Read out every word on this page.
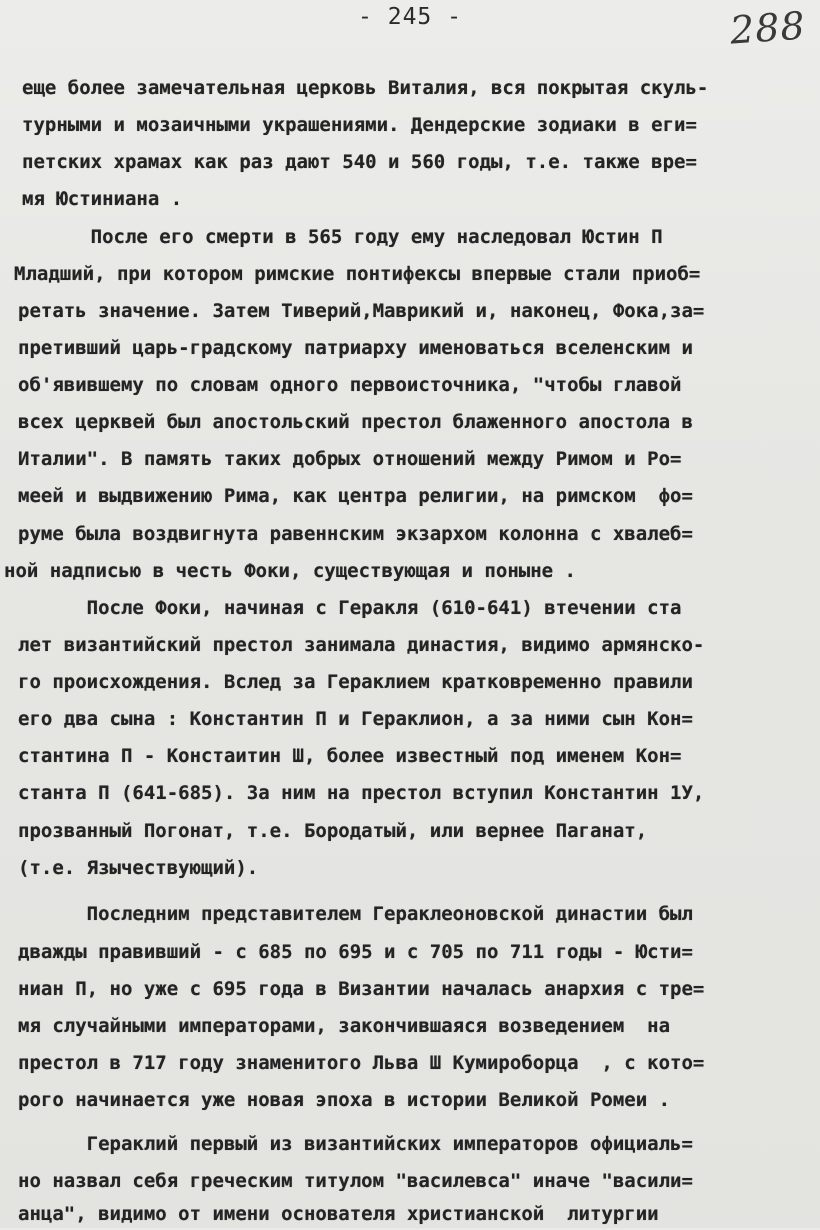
- 245 -	288
еще более замечательная церковь Виталия, вся покрытая скуль-
турными и мозаичными украшениями. Дендерские зодиаки в еги=
петских храмах как раз дают 540 и 560 годы, т.е. также вре=
мя Юстиниана .
После его смерти в 565 году ему наследовал Юстин П
Младший, при котором римские понтифексы впервые стали приоб=
ретать значение. Затем Тиверий,Маврикий и, наконец, Фока,за=
претивший царь-градскому патриарху именоваться вселенским и
об'явившему по словам одного первоисточника, "чтобы главой
всех церквей был апостольский престол блаженного апостола в
Италии". В память таких добрых отношений между Римом и Ро=
меей и выдвижению Рима, как центра религии, на римском  фо=
руме была воздвигнута равеннским экзархом колонна с хвалеб=
ной надписью в честь Фоки, существующая и поныне .
После Фоки, начиная с Геракля (610-641) втечении ста
лет византийский престол занимала династия, видимо армянско-
го происхождения. Вслед за Гераклием кратковременно правили
его два сына : Константин П и Гераклион, а за ними сын Кон=
стантина П - Констаитин Ш, более известный под именем Кон=
станта П (641-685). За ним на престол вступил Константин 1У,
прозванный Погонат, т.е. Бородатый, или вернее Паганат,
(т.е. Язычествующий).
Последним представителем Гераклеоновской династии был
дважды правивший - с 685 по 695 и с 705 по 711 годы - Юсти=
ниан П, но уже с 695 года в Византии началась анархия с тре=
мя случайными императорами, закончившаяся возведением  на
престол в 717 году знаменитого Льва Ш Кумироборца  , с кото=
рого начинается уже новая эпоха в истории Великой Ромеи .
Гераклий первый из византийских императоров официаль=
но назвал себя греческим титулом "василевса" иначе "васили=
анца", видимо от имени основателя христианской  литургии
